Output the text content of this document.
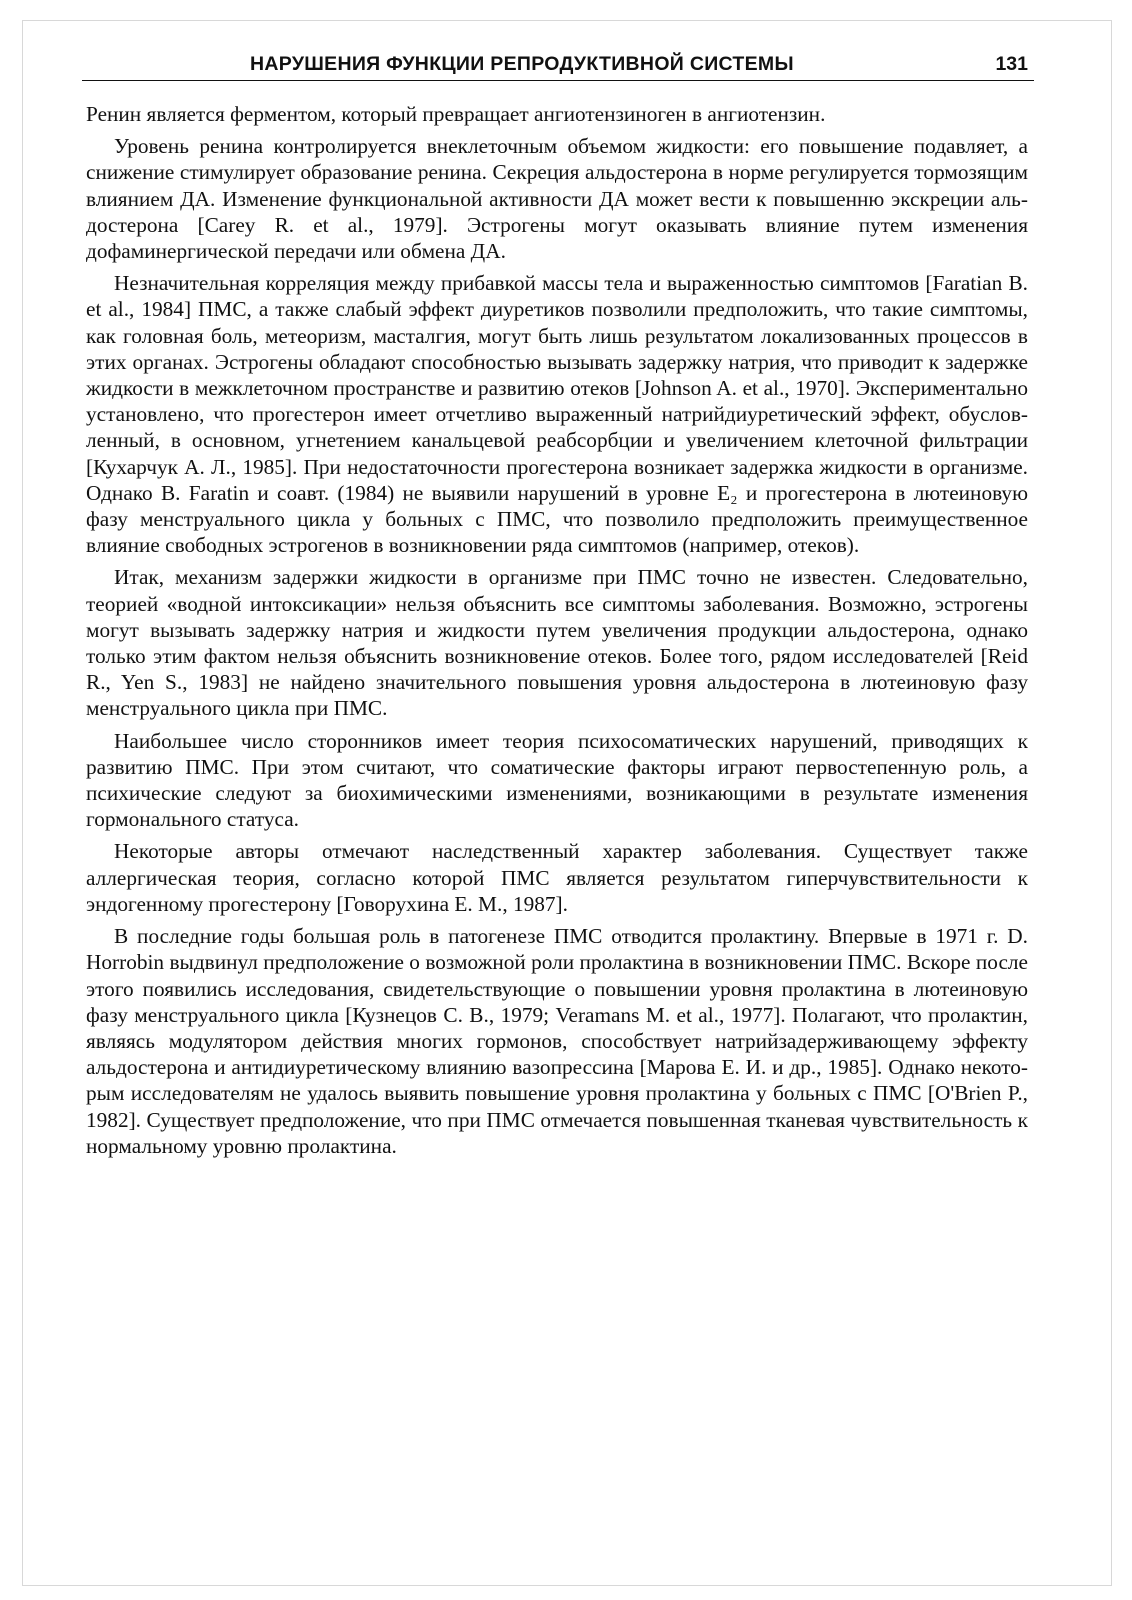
НАРУШЕНИЯ ФУНКЦИИ РЕПРОДУКТИВНОЙ СИСТЕМЫ	131

Ренин является ферментом, который превращает ангиотензиноген в ангиотензин.

Уровень ренина контролируется внеклеточным объемом жидкости: его повышение подавляет, а снижение стимулирует образование ренина. Секреция альдостерона в норме регулируется тормозящим влиянием ДА. Изменение функциональной активности ДА может вести к повышенню экскреции альдостерона [Carey R. et al., 1979]. Эстрогены могут оказывать влияние путем изменения дофаминергической передачи или обмена ДА.

Незначительная корреляция между прибавкой массы тела и выраженностью симптомов [Faratian B. et al., 1984] ПМС, а также слабый эффект диуретиков позволили предположить, что такие симптомы, как головная боль, метеоризм, масталгия, могут быть лишь результатом локализованных процессов в этих органах. Эстрогены обладают способностью вызывать задержку натрия, что приводит к задержке жидкости в межклеточном пространстве и развитию отеков [Johnson A. et al., 1970]. Экспериментально установлено, что прогестерон имеет отчетливо выраженный натрийдиуретический эффект, обусловленный, в основном, угнетением канальцевой реабсорбции и увеличением клеточной фильтрации [Кухарчук А. Л., 1985]. При недостаточности прогестерона возникает задержка жидкости в организме. Однако B. Faratin и соавт. (1984) не выявили нарушений в уровне E₂ и прогестерона в лютеиновую фазу менструального цикла у больных с ПМС, что позволило предположить преимущественное влияние свободных эстрогенов в возникновении ряда симптомов (например, отеков).

Итак, механизм задержки жидкости в организме при ПМС точно не известен. Следовательно, теорией «водной интоксикации» нельзя объяснить все симптомы заболевания. Возможно, эстрогены могут вызывать задержку натрия и жидкости путем увеличения продукции альдостерона, однако только этим фактом нельзя объяснить возникновение отеков. Более того, рядом исследователей [Reid R., Yen S., 1983] не найдено значительного повышения уровня альдостерона в лютеиновую фазу менструального цикла при ПМС.

Наибольшее число сторонников имеет теория психосоматических нарушений, приводящих к развитию ПМС. При этом считают, что соматические факторы играют первостепенную роль, а психические следуют за биохимическими изменениями, возникающими в результате изменения гормонального статуса.

Некоторые авторы отмечают наследственный характер заболевания. Существует также аллергическая теория, согласно которой ПМС является результатом гиперчувствительности к эндогенному прогестерону [Говорухина Е. М., 1987].

В последние годы большая роль в патогенезе ПМС отводится пролактину. Впервые в 1971 г. D. Horrobin выдвинул предположение о возможной роли пролактина в возникновении ПМС. Вскоре после этого появились исследования, свидетельствующие о повышении уровня пролактина в лютеиновую фазу менструального цикла [Кузнецов С. В., 1979; Veramans M. et al., 1977]. Полагают, что пролактин, являясь модулятором действия многих гормонов, способствует натрийзадерживающему эффекту альдостерона и антидиуретическому влиянию вазопрессина [Марова Е. И. и др., 1985]. Однако некоторым исследователям не удалось выявить повышение уровня пролактина у больных с ПМС [O'Brien P., 1982]. Существует предположение, что при ПМС отмечается повышенная тканевая чувствительность к нормальному уровню пролактина.
